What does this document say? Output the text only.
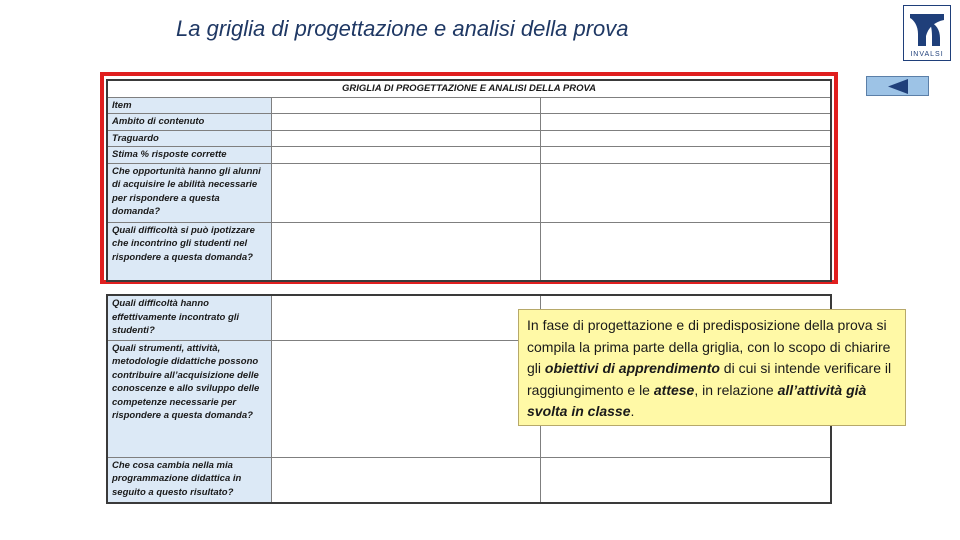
La griglia di progettazione e analisi della prova
INVALSI
GRIGLIA DI PROGETTAZIONE E ANALISI DELLA PROVA		
Item		
Ambito di contenuto		
Traguardo		
Stima % risposte corrette		
Che opportunità hanno gli alunni di acquisire le abilità necessarie per rispondere a questa domanda?		
Quali difficoltà si può ipotizzare che incontrino gli studenti nel rispondere a questa domanda?		
Quali difficoltà hanno effettivamente incontrato gli studenti?		
Quali strumenti, attività, metodologie didattiche possono contribuire all’acquisizione delle conoscenze e allo sviluppo delle competenze necessarie per rispondere a questa domanda?		
Che cosa cambia nella mia programmazione didattica in seguito a questo risultato?		
In fase di progettazione e di predisposizione della prova si compila la prima parte della griglia, con lo scopo di chiarire gli obiettivi di apprendimento di cui si intende verificare il raggiungimento e le attese, in relazione all’attività già svolta in classe.
